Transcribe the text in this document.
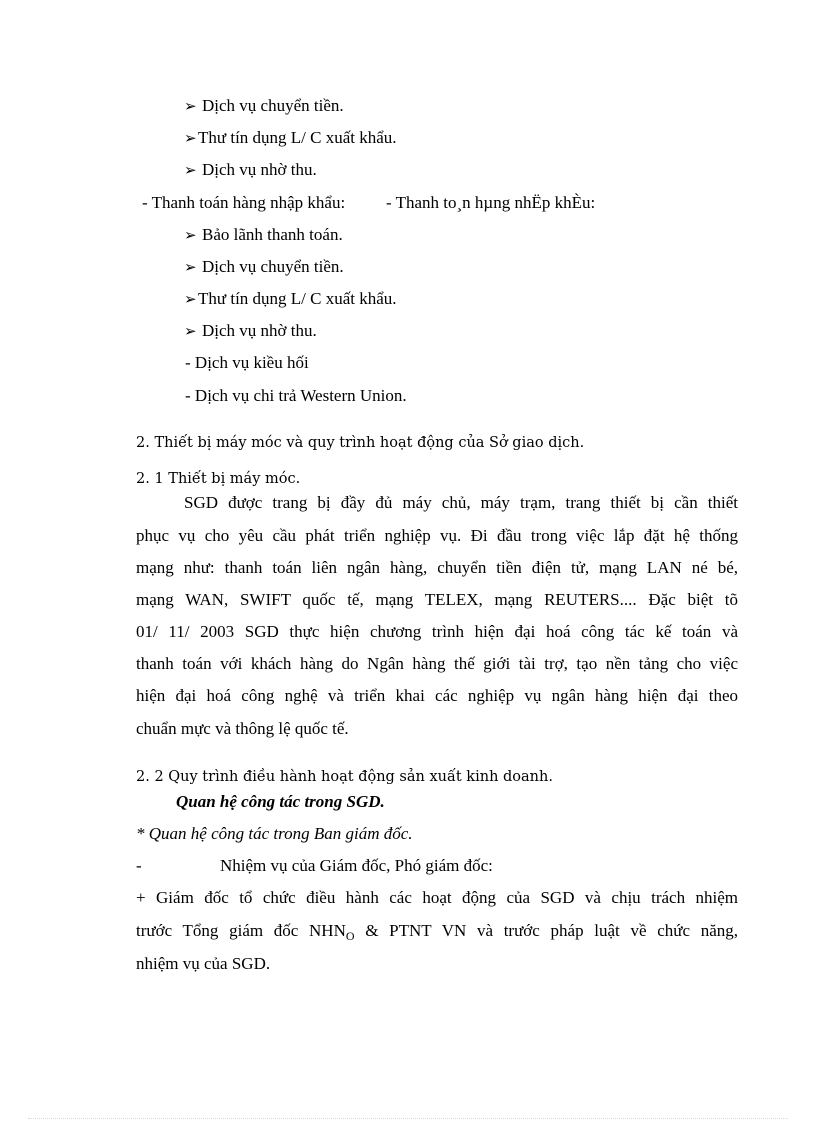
➢ Dịch vụ chuyển tiền.
➢Thư tín dụng L/ C xuất khẩu.
➢ Dịch vụ nhờ thu.
- Thanh toán hàng nhập khẩu: - Thanh to¸n hµng nhËp khÈu:
➢ Bảo lãnh thanh toán.
➢ Dịch vụ chuyển tiền.
➢Thư tín dụng L/ C xuất khẩu.
➢ Dịch vụ nhờ thu.
- Dịch vụ kiều hối
- Dịch vụ chi trả Western Union.
2. Thiết bị máy móc và quy trình hoạt động của Sở giao dịch.
2. 1 Thiết bị máy móc.
SGD được trang bị đầy đủ máy chủ, máy trạm, trang thiết bị cần thiết
phục vụ cho yêu cầu phát triển nghiệp vụ. Đi đầu trong việc lắp đặt hệ thống
mạng như: thanh toán liên ngân hàng, chuyển tiền điện tử, mạng LAN né bé,
mạng WAN, SWIFT quốc tế, mạng TELEX, mạng REUTERS.... Đặc biệt tõ
01/ 11/ 2003 SGD thực hiện chương trình hiện đại hoá công tác kế toán và
thanh toán với khách hàng do Ngân hàng thế giới tài trợ, tạo nền tảng cho việc
hiện đại hoá công nghệ và triển khai các nghiệp vụ ngân hàng hiện đại theo
chuẩn mực và thông lệ quốc tế.
2. 2 Quy trình điều hành hoạt động sản xuất kinh doanh.
Quan hệ công tác trong SGD.
* Quan hệ công tác trong Ban giám đốc.
-	Nhiệm vụ của Giám đốc, Phó giám đốc:
+ Giám đốc tổ chức điều hành các hoạt động của SGD và chịu trách nhiệm
trước Tổng giám đốc $NHN_O$ & PTNT VN và trước pháp luật về chức năng,
nhiệm vụ của SGD.
